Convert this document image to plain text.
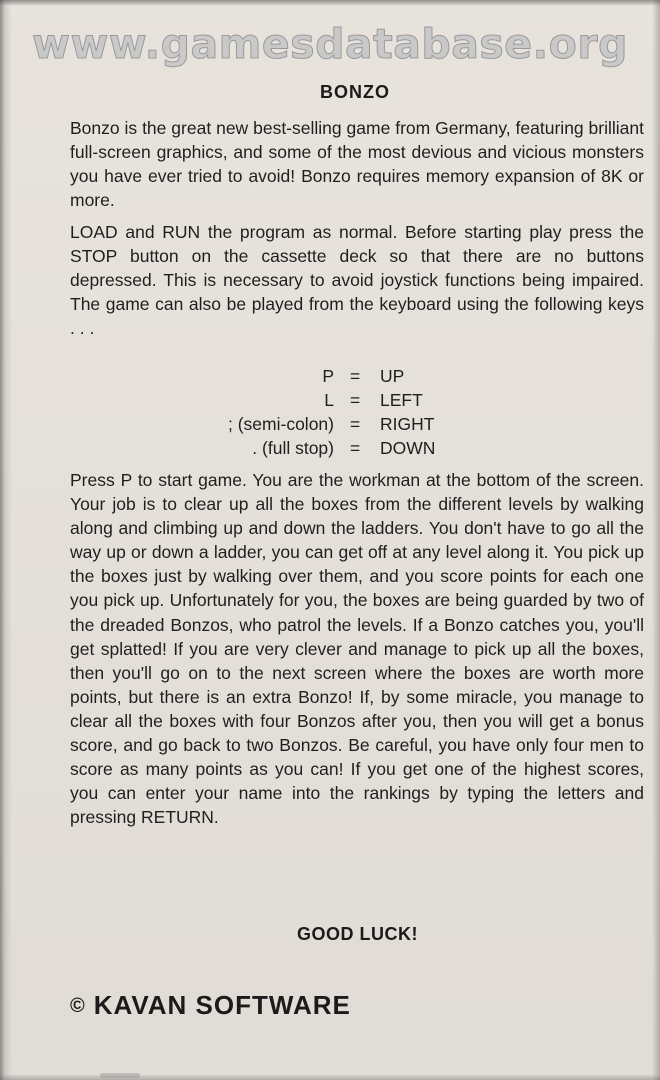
www.gamesdatabase.org
BONZO

Bonzo is the great new best-selling game from Germany, featuring brilliant full-screen graphics, and some of the most devious and vicious monsters you have ever tried to avoid! Bonzo requires memory expansion of 8K or more.

LOAD and RUN the program as normal. Before starting play press the STOP button on the cassette deck so that there are no buttons depressed. This is necessary to avoid joystick functions being impaired. The game can also be played from the keyboard using the following keys . . .

P = UP
L = LEFT
; (semi-colon) = RIGHT
. (full stop) = DOWN

Press P to start game. You are the workman at the bottom of the screen. Your job is to clear up all the boxes from the different levels by walking along and climbing up and down the ladders. You don't have to go all the way up or down a ladder, you can get off at any level along it. You pick up the boxes just by walking over them, and you score points for each one you pick up. Unfortunately for you, the boxes are being guarded by two of the dreaded Bonzos, who patrol the levels. If a Bonzo catches you, you'll get splatted! If you are very clever and manage to pick up all the boxes, then you'll go on to the next screen where the boxes are worth more points, but there is an extra Bonzo! If, by some miracle, you manage to clear all the boxes with four Bonzos after you, then you will get a bonus score, and go back to two Bonzos. Be careful, you have only four men to score as many points as you can! If you get one of the highest scores, you can enter your name into the rankings by typing the letters and pressing RETURN.

GOOD LUCK!
© KAVAN SOFTWARE
